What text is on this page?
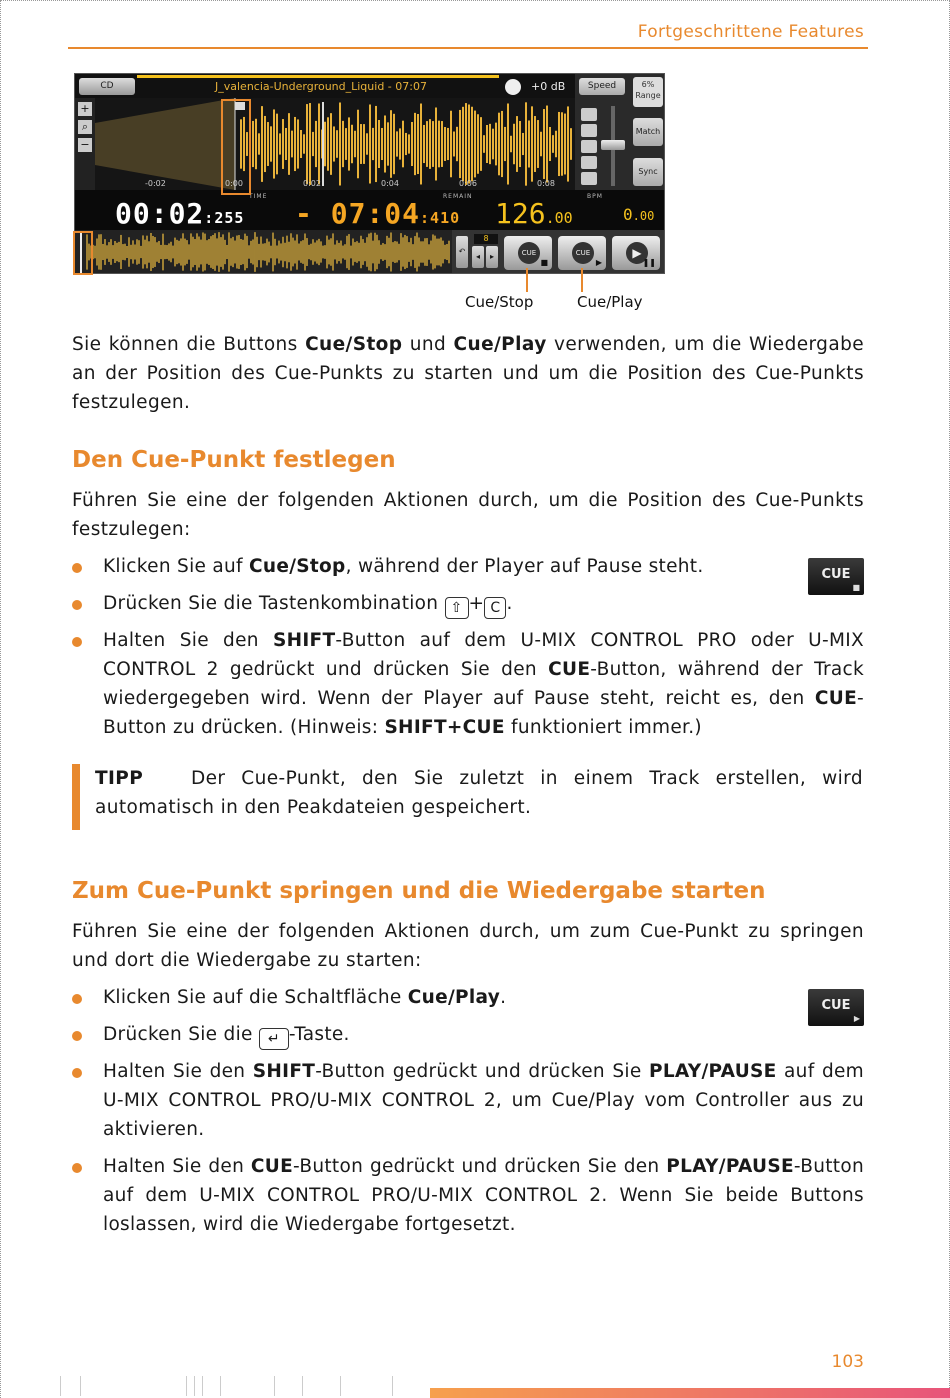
Fortgeschrittene Features
CD	J_valencia-Underground_Liquid - 07:07	+0 dB
+
⌕
−
-0:02	0:00	0:02	0:04	0:06	0:08
Speed	6%
Range
Match
Sync
TIME
00:02:255
REMAIN
- 07:04:410
BPM
126.00	0.00
↶
8
◂	▸	CUE
■
CUE
▶
▶
❚❚
Cue/Stop	Cue/Play
Sie können die Buttons Cue/Stop und Cue/Play verwenden, um die Wiedergabe an der Position des Cue-Punkts zu starten und um die Position des Cue-Punkts festzulegen.
Den Cue-Punkt festlegen
Führen Sie eine der folgenden Aktionen durch, um die Position des Cue-Punkts festzulegen:
Klicken Sie auf Cue/Stop, während der Player auf Pause steht.	CUE
■
Drücken Sie die Tastenkombination ⇧ + C .
Halten Sie den SHIFT-Button auf dem U-MIX CONTROL PRO oder U-MIX CONTROL 2 gedrückt und drücken Sie den CUE-Button, während der Track wiedergegeben wird. Wenn der Player auf Pause steht, reicht es, den CUE-Button zu drücken. (Hinweis: SHIFT+CUE funktioniert immer.)
TIPP	Der Cue-Punkt, den Sie zuletzt in einem Track erstellen, wird automatisch in den Peakdateien gespeichert.
Zum Cue-Punkt springen und die Wiedergabe starten
Führen Sie eine der folgenden Aktionen durch, um zum Cue-Punkt zu springen und dort die Wiedergabe zu starten:
Klicken Sie auf die Schaltfläche Cue/Play.	CUE
▶
Drücken Sie die ↵ -Taste.
Halten Sie den SHIFT-Button gedrückt und drücken Sie PLAY/PAUSE auf dem U-MIX CONTROL PRO/U-MIX CONTROL 2, um Cue/Play vom Controller aus zu aktivieren.
Halten Sie den CUE-Button gedrückt und drücken Sie den PLAY/PAUSE-Button auf dem U-MIX CONTROL PRO/U-MIX CONTROL 2. Wenn Sie beide Buttons loslassen, wird die Wiedergabe fortgesetzt.
103
